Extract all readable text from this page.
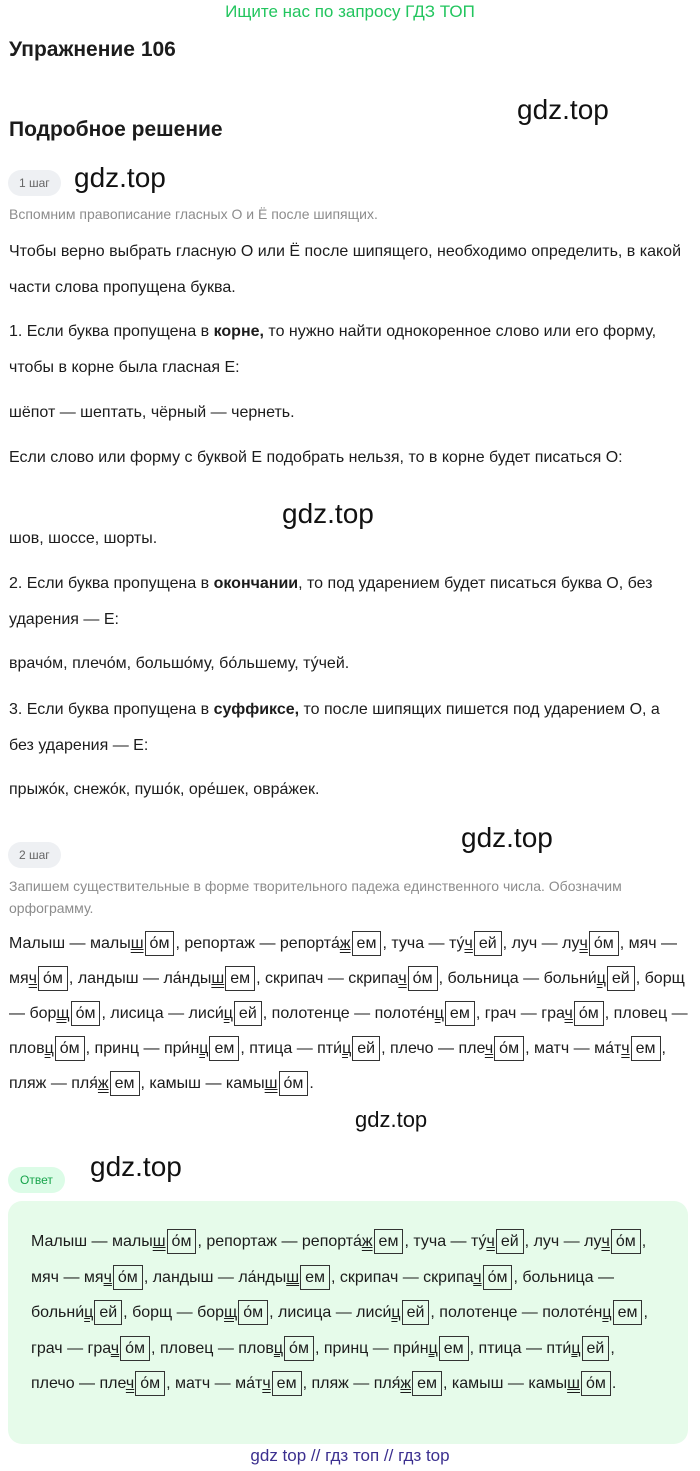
Ищите нас по запросу ГДЗ ТОП
Упражнение 106
Подробное решение
gdz.top
1 шаг gdz.top
Вспомним правописание гласных О и Ё после шипящих.
Чтобы верно выбрать гласную О или Ё после шипящего, необходимо определить, в какой части слова пропущена буква.
1. Если буква пропущена в корне, то нужно найти однокоренное слово или его форму, чтобы в корне была гласная Е:
шёпот — шептать, чёрный — чернеть.
Если слово или форму с буквой Е подобрать нельзя, то в корне будет писаться О:
gdz.top
шов, шоссе, шорты.
2. Если буква пропущена в окончании, то под ударением будет писаться буква О, без ударения — Е:
врачо́м, плечо́м, большо́му, бо́льшему, ту́чей.
3. Если буква пропущена в суффиксе, то после шипящих пишется под ударением О, а без ударения — Е:
прыжо́к, снежо́к, пушо́к, оре́шек, овра́жек.
gdz.top
2 шаг
Запишем существительные в форме творительного падежа единственного числа. Обозначим орфограмму.
Малыш — малыш о́м , репортаж — репорта́ж ем , туча — ту́ч ей , луч — луч о́м , мяч — мяч о́м , ландыш — ла́ндыш ем , скрипач — скрипач о́м , больница — больни́ц ей , борщ — борщ о́м , лисица — лиси́ц ей , полотенце — полоте́нц ем , грач — грач о́м , пловец — пловц о́м , принц — при́нц ем , птица — пти́ц ей , плечо — плеч о́м , матч — ма́тч ем , пляж — пля́ж ем , камыш — камыш о́м .
gdz.top
Ответ	gdz.top
Малыш — малыш о́м , репортаж — репорта́ж ем , туча — ту́ч ей , луч — луч о́м , мяч — мяч о́м , ландыш — ла́ндыш ем , скрипач — скрипач о́м , больница — больни́ц ей , борщ — борщ о́м , лисица — лиси́ц ей , полотенце — полоте́нц ем , грач — грач о́м , пловец — пловц о́м , принц — при́нц ем , птица — пти́ц ей , плечо — плеч о́м , матч — ма́тч ем , пляж — пля́ж ем , камыш — камыш о́м .
gdz top // гдз топ // гдз top
